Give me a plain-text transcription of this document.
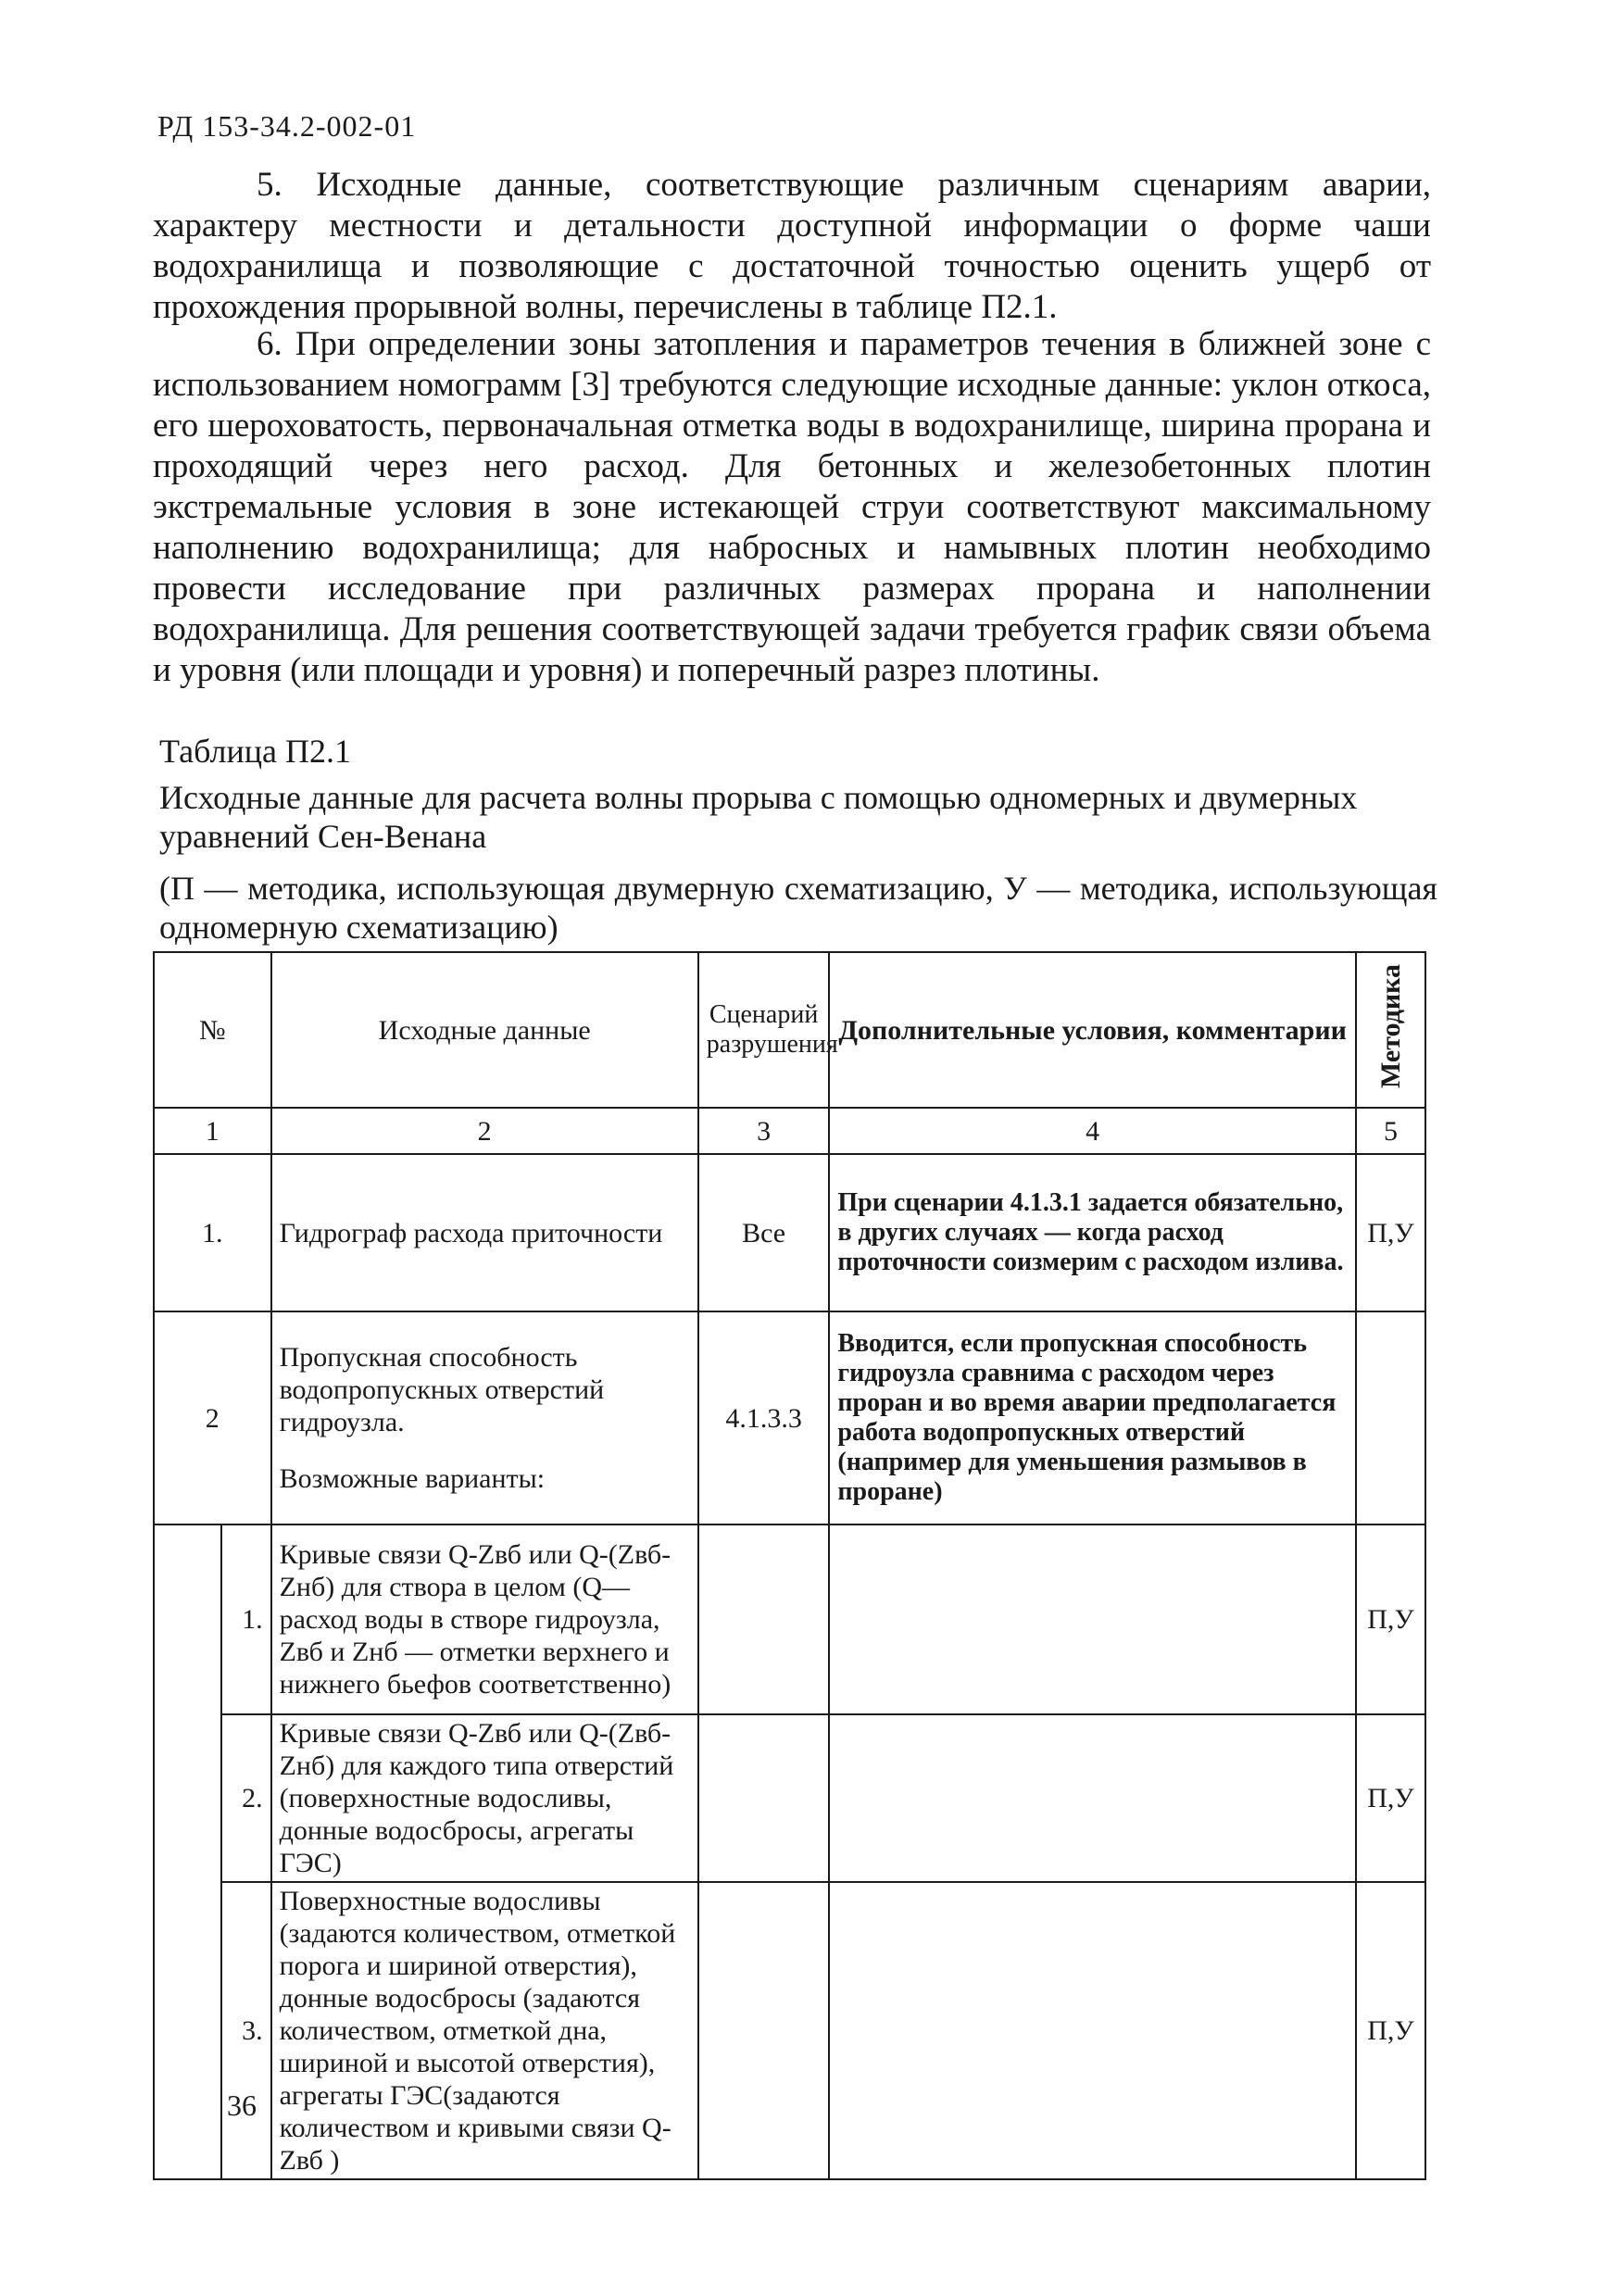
РД 153-34.2-002-01

5. Исходные данные, соответствующие различным сценариям аварии, характеру местности и детальности доступной информации о форме чаши водохранилища и позволяющие с достаточной точностью оценить ущерб от прохождения прорывной волны, перечислены в таблице П2.1.

6. При определении зоны затопления и параметров течения в ближней зоне с использованием номограмм [3] требуются следующие исходные данные: уклон откоса, его шероховатость, первоначальная отметка воды в водохранилище, ширина прорана и проходящий через него расход. Для бетонных и железобетонных плотин экстремальные условия в зоне истекающей струи соответствуют максимальному наполнению водохранилища; для набросных и намывных плотин необходимо провести исследование при различных размерах прорана и наполнении водохранилища. Для решения соответствующей задачи требуется график связи объема и уровня (или площади и уровня) и поперечный разрез плотины.

Таблица П2.1

Исходные данные для расчета волны прорыва с помощью одномерных и двумерных уравнений Сен-Венана

(П — методика, использующая двумерную схематизацию, У — методика, использующая одномерную схематизацию)

№		Исходные данные	Сценарий разрушения	Дополнительные условия, комментарии	Методика
1		2	3	4	5
1.		Гидрограф расхода приточности	Все	При сценарии 4.1.3.1 задается обязательно, в других случаях — когда расход проточности соизмерим с расходом излива.	П,У
2		Пропускная способность водопропускных отверстий гидроузла.
Возможные варианты:	4.1.3.3	Вводится, если пропускная способность гидроузла сравнима с расходом через проран и во время аварии предполагается работа водопропускных отверстий (например для уменьшения размывов в проране)	
	1.	Кривые связи Q-Zвб или Q-(Zвб-Zнб) для створа в целом (Q— расход воды в створе гидроузла, Zвб и Zнб — отметки верхнего и нижнего бьефов соответственно)			П,У
	2.	Кривые связи Q-Zвб или Q-(Zвб-Zнб) для каждого типа отверстий (поверхностные водосливы, донные водосбросы, агрегаты ГЭС)			П,У
	3.	Поверхностные водосливы (задаются количеством, отметкой порога и шириной отверстия), донные водосбросы (задаются количеством, отметкой дна, шириной и высотой отверстия), агрегаты ГЭС(задаются количеством и кривыми связи Q-Zвб )			П,У
36
